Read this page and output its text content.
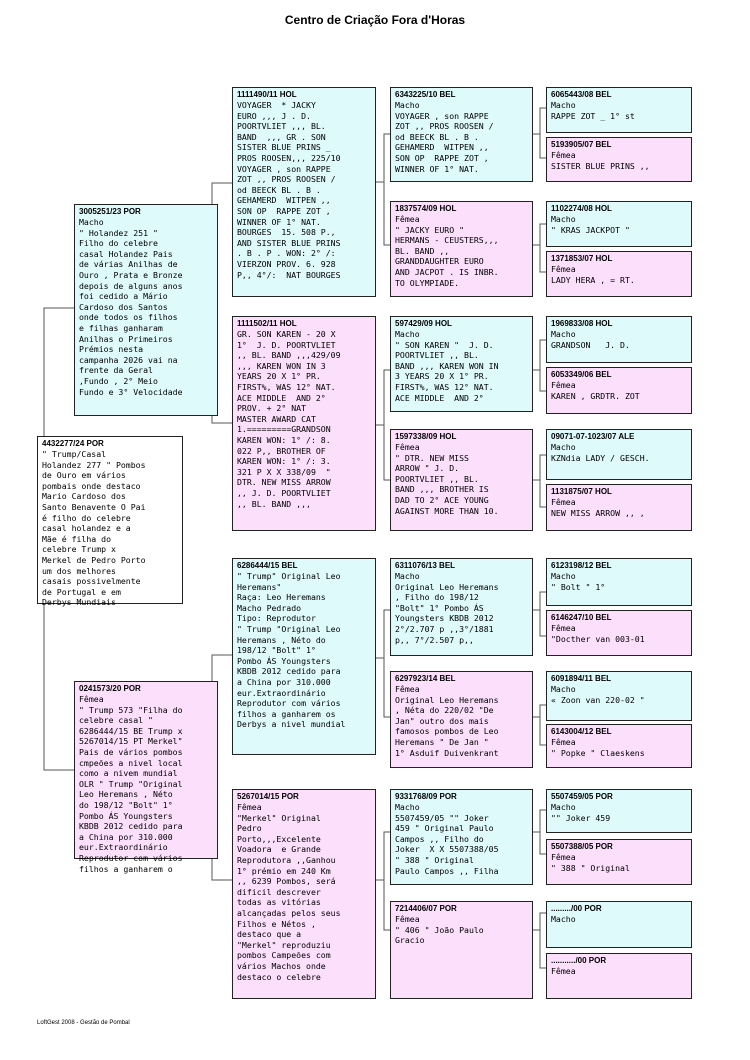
Centro de Criação Fora d'Horas
4432277/24 POR
" Trump/Casal
Holandez 277 " Pombos
de Ouro em vários
pombais onde destaco
Mario Cardoso dos
Santo Benavente O Pai
é filho do celebre
casal holandez e a
Mãe é filha do
celebre Trump x
Merkel de Pedro Porto
um dos melhores
casais possivelmente
de Portugal e em
Derbys Mundiais
3005251/23 POR
Macho
" Holandez 251 "
Filho do celebre
casal Holandez Pais
de várias Anilhas de
Ouro , Prata e Bronze
depois de alguns anos
foi cedido a Mário
Cardoso dos Santos
onde todos os filhos
e filhas ganharam
Anilhas o Primeiros
Prémios nesta
campanha 2026 vai na
frente da Geral
,Fundo , 2° Meio
Fundo e 3° Velocidade
0241573/20 POR
Fêmea
" Trump 573 "Filha do
celebre casal "
6286444/15 BE Trump x
5267014/15 PT Merkel"
Pais de vários pombos
cmpeões a nivel local
como a nivem mundial
OLR " Trump "Original
Leo Heremans , Néto
do 198/12 "Bolt" 1°
Pombo ÁS Youngsters
KBDB 2012 cedido para
a China por 310.000
eur.Extraordinário
Reprodutor com vários
filhos a ganharem o
1111490/11 HOL
VOYAGER  * JACKY
EURO ,,, J . D.
POORTVLIET ,,, BL.
BAND  ,,, GR . SON
SISTER BLUE PRINS _
PROS ROOSEN,,, 225/10
VOYAGER , son RAPPE
ZOT ,, PROS ROOSEN /
od BEECK BL . B .
GEHAMERD  WITPEN ,,
SON OP  RAPPE ZOT ,
WINNER OF 1° NAT.
BOURGES  15. 508 P.,
AND SISTER BLUE PRINS
. B . P . WON: 2° /:
VIERZON PROV. 6. 928
P,, 4°/:  NAT BOURGES
1111502/11 HOL
GR. SON KAREN - 20 X
1°  J. D. POORTVLIET
,, BL. BAND ,,,429/09
,,, KAREN WON IN 3
YEARS 20 X 1° PR.
FIRST%, WAS 12° NAT.
ACE MIDDLE  AND 2°
PROV. + 2° NAT
MASTER AWARD CAT
1.=========GRANDSON
KAREN WON: 1° /: 8.
022 P,, BROTHER OF
KAREN WON: 1° /: 3.
321 P X X 338/09  "
DTR. NEW MISS ARROW
,, J. D. POORTVLIET
,, BL. BAND ,,,
6286444/15 BEL
" Trump" Original Leo
Heremans"
Raça: Leo Heremans
Macho Pedrado
Tipo: Reprodutor
" Trump "Original Leo
Heremans , Néto do
198/12 "Bolt" 1°
Pombo ÁS Youngsters
KBDB 2012 cedido para
a China por 310.000
eur.Extraordinário
Reprodutor com vários
filhos a ganharem os
Derbys a nivel mundial
5267014/15 POR
Fêmea
"Merkel" Original
Pedro
Porto,,,Excelente
Voadora  e Grande
Reprodutora ,,Ganhou
1° prémio em 240 Km
,, 6239 Pombos, será
dificil descrever
todas as vitórias
alcançadas pelos seus
Filhos e Nétos ,
destaco que a
"Merkel" reproduziu
pombos Campeões com
vários Machos onde
destaco o celebre
6343225/10 BEL
Macho
VOYAGER , son RAPPE
ZOT ,, PROS ROOSEN /
od BEECK BL . B .
GEHAMERD  WITPEN ,,
SON OP  RAPPE ZOT ,
WINNER OF 1° NAT.
1837574/09 HOL
Fêmea
" JACKY EURO "
HERMANS - CEUSTERS,,,
BL. BAND ,,
GRANDDAUGHTER EURO
AND JACPOT . IS INBR.
TO OLYMPIADE.
597429/09 HOL
Macho
" SON KAREN "  J. D.
POORTVLIET ,, BL.
BAND ,,, KAREN WON IN
3 YEARS 20 X 1° PR.
FIRST%, WAS 12° NAT.
ACE MIDDLE  AND 2°
1597338/09 HOL
Fêmea
" DTR. NEW MISS
ARROW " J. D.
POORTVLIET ,, BL.
BAND ,,, BROTHER IS
DAD TO 2° ACE YOUNG
AGAINST MORE THAN 10.
6311076/13 BEL
Macho
Original Leo Heremans
, Filho do 198/12
"Bolt" 1° Pombo ÁS
Youngsters KBDB 2012
2°/2.707 p ,,3°/1881
p,, 7°/2.507 p,,
6297923/14 BEL
Fêmea
Original Leo Heremans
, Néta do 220/02 "De
Jan" outro dos mais
famosos pombos de Leo
Heremans " De Jan "
1° Asduif Duivenkrant
9331768/09 POR
Macho
5507459/05 "" Joker
459 " Original Paulo
Campos ,, Filho do
Joker  X X 5507388/05
" 388 " Original
Paulo Campos ,, Filha
7214406/07 POR
Fêmea
" 406 " João Paulo
Gracio
6065443/08 BEL
Macho
RAPPE ZOT _ 1° st
5193905/07 BEL
Fêmea
SISTER BLUE PRINS ,,
1102274/08 HOL
Macho
" KRAS JACKPOT "
1371853/07 HOL
Fêmea
LADY HERA , = RT.
1969833/08 HOL
Macho
GRANDSON   J. D.
6053349/06 BEL
Fêmea
KAREN , GRDTR. ZOT
09071-07-1023/07 ALE
Macho
KZNdia LADY / GESCH.
1131875/07 HOL
Fêmea
NEW MISS ARROW ,, ,
6123198/12 BEL
Macho
" Bolt " 1°
6146247/10 BEL
Fêmea
"Docther van 003-01
6091894/11 BEL
Macho
« Zoon van 220-02 "
6143004/12 BEL
Fêmea
" Popke " Claeskens
5507459/05 POR
Macho
"" Joker 459
5507388/05 POR
Fêmea
" 388 " Original
........./00 POR
Macho
.........../00 POR
Fêmea
LoftGest 2008 - Gestão de Pombal
